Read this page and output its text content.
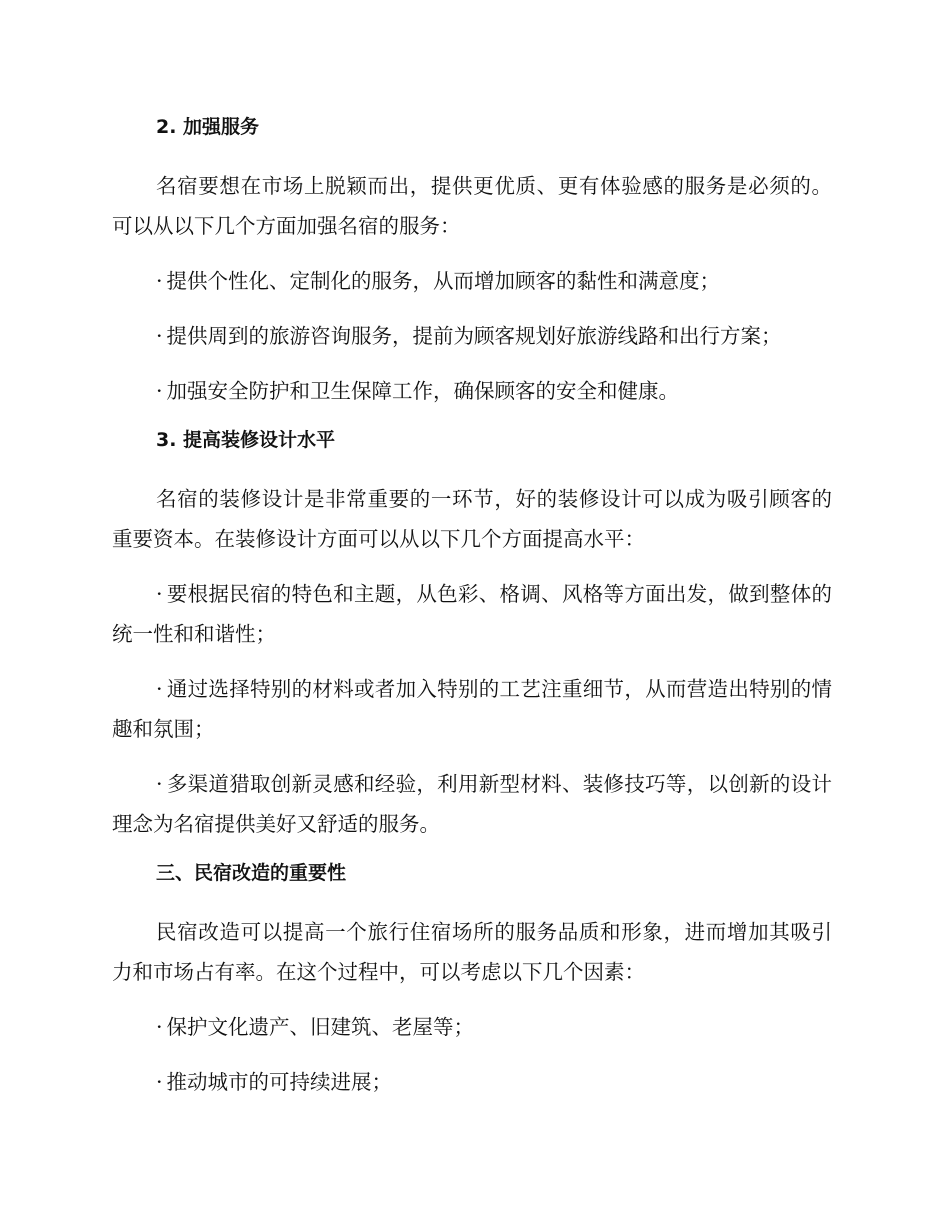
2. 加强服务

名宿要想在市场上脱颖而出，提供更优质、更有体验感的服务是必须的。可以从以下几个方面加强名宿的服务：

· 提供个性化、定制化的服务，从而增加顾客的黏性和满意度；

· 提供周到的旅游咨询服务，提前为顾客规划好旅游线路和出行方案；

· 加强安全防护和卫生保障工作，确保顾客的安全和健康。

3. 提高装修设计水平

名宿的装修设计是非常重要的一环节，好的装修设计可以成为吸引顾客的重要资本。在装修设计方面可以从以下几个方面提高水平：

· 要根据民宿的特色和主题，从色彩、格调、风格等方面出发，做到整体的统一性和和谐性；

· 通过选择特别的材料或者加入特别的工艺注重细节，从而营造出特别的情趣和氛围；

· 多渠道猎取创新灵感和经验，利用新型材料、装修技巧等，以创新的设计理念为名宿提供美好又舒适的服务。

三、民宿改造的重要性

民宿改造可以提高一个旅行住宿场所的服务品质和形象，进而增加其吸引力和市场占有率。在这个过程中，可以考虑以下几个因素：

· 保护文化遗产、旧建筑、老屋等；

· 推动城市的可持续进展；
